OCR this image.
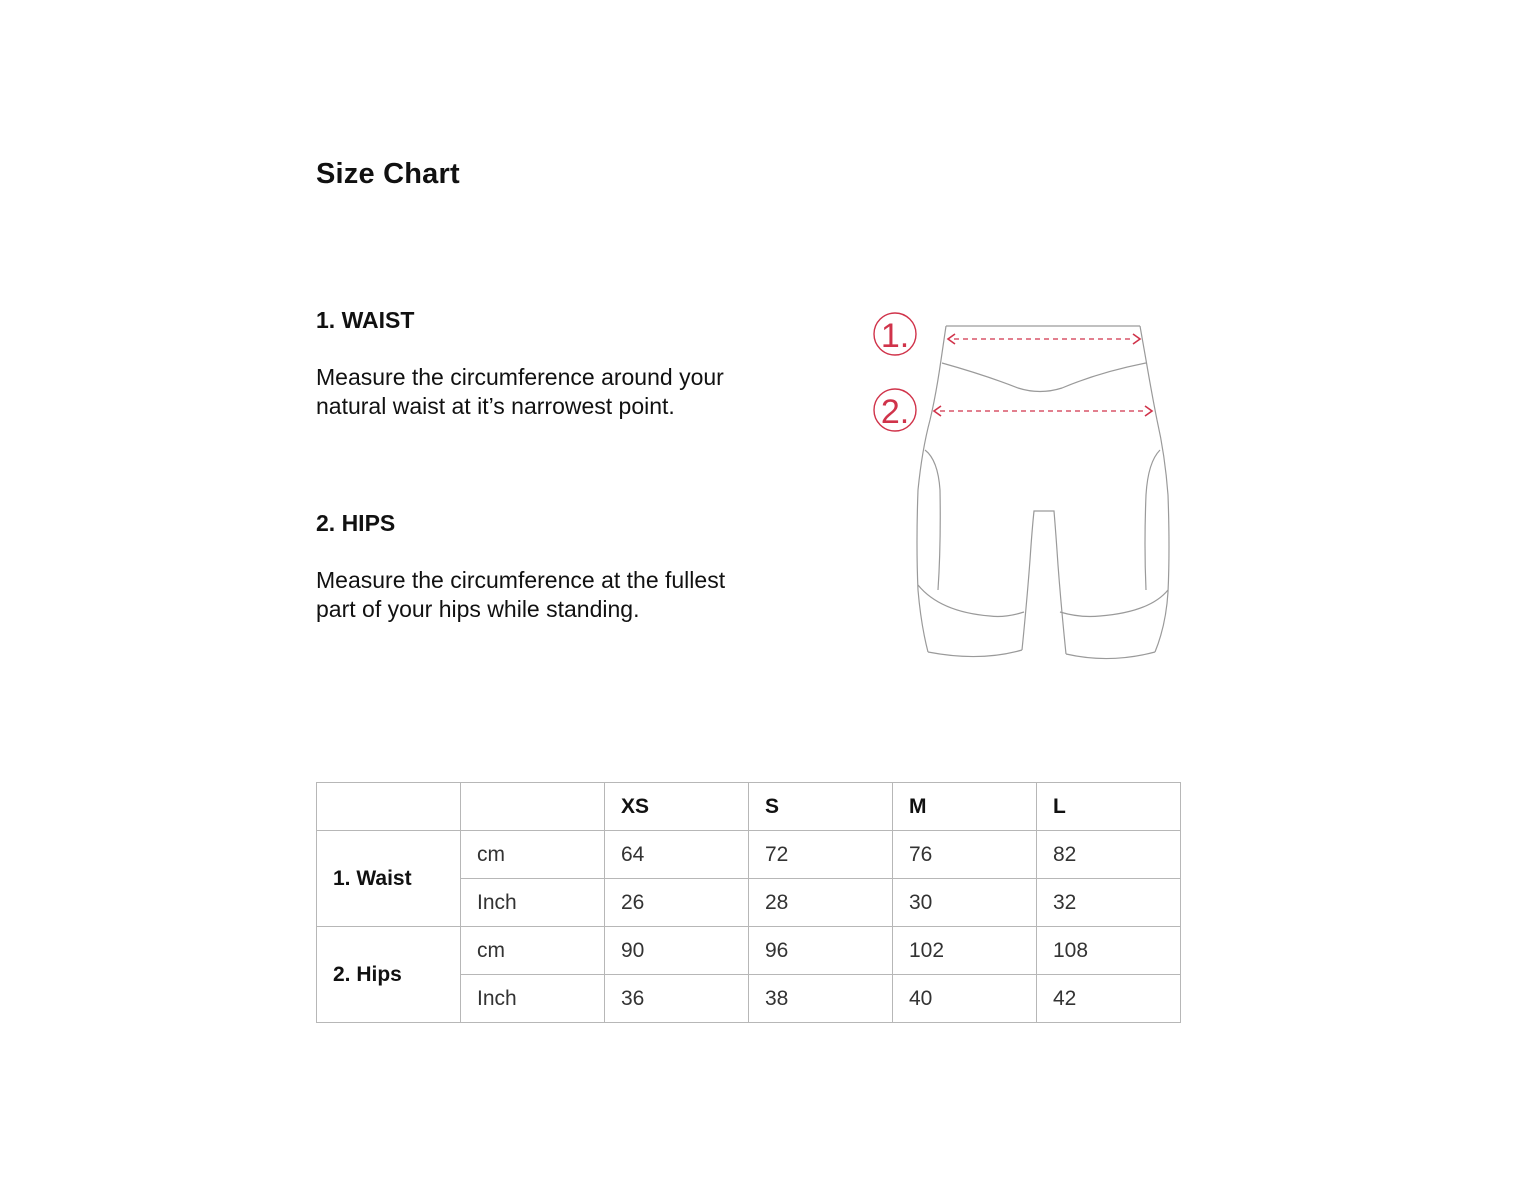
Size Chart
1. WAIST

Measure the circumference around your
natural waist at it’s narrowest point.

2. HIPS

Measure the circumference at the fullest
part of your hips while standing.

1.
2.
		XS	S	M	L
1. Waist	cm	64	72	76	82
	Inch	26	28	30	32
2. Hips	cm	90	96	102	108
	Inch	36	38	40	42
